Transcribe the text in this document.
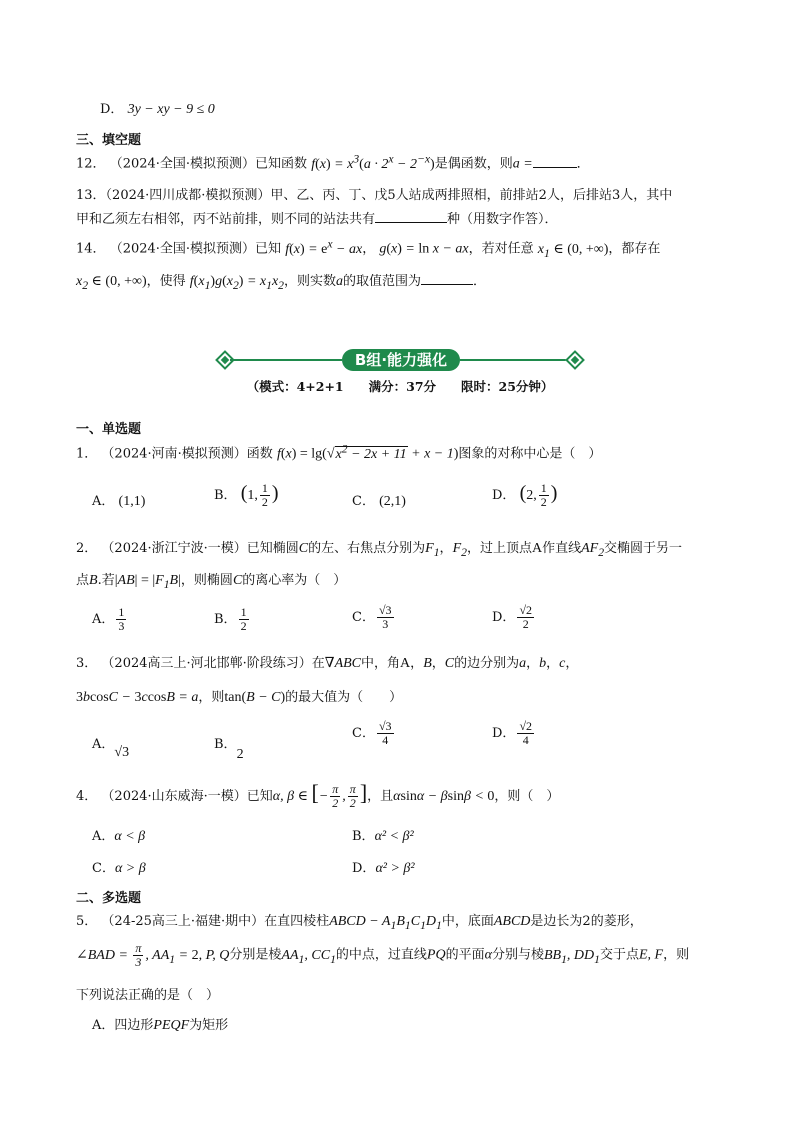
D． 3y − xy − 9 ≤ 0
三、填空题
12． （2024·全国·模拟预测）已知函数 $f(x) = x^3(a \cdot 2^x - 2^{-x})$是偶函数，则a =	．
13．（2024·四川成都·模拟预测）甲、乙、丙、丁、戊5人站成两排照相，前排站2人，后排站3人，其中
甲和乙须左右相邻，丙不站前排，则不同的站法共有	种（用数字作答）．
14． （2024·全国·模拟预测）已知 $f(x) = e^x$ − ax， g(x) = ln x − ax，若对任意 $x_1$ ∈ (0, +∞)，都存在
$x_2$ ∈ (0, +∞)，使得 $f(x_1)g(x_2) = x_1x_2$，则实数a的取值范围为	．
B组·能力强化
（模式：4+2+1　　满分：37分　　限时：25分钟）
一、单选题
1． （2024·河南·模拟预测）函数 $f(x) = \lg(√x^2 - 2x + 11 + x - 1)$图象的对称中心是（　）
A． (1,1)	B． (1, $\frac{1}{2}$ )	C． (2,1)	D． (2, $\frac{1}{2}$ )
2． （2024·浙江宁波·一模）已知椭圆C的左、右焦点分别为$F_1$，$F_2$，过上顶点A作直线$AF_2$交椭圆于另一
点B.若$|AB| = |F_1B|$，则椭圆C的离心率为（　）
A． $\frac{1}{3}$	B． $\frac{1}{2}$	C． $\frac{√3}{3}$	D． $\frac{√2}{2}$
3． （2024高三上·河北邯郸·阶段练习）在∇ABC中，角A，B，C的边分别为a，b，c，
3bcosC − 3ccosB = a，则tan(B − C)的最大值为（　　）
A．√3
B．2
C． $\frac{√3}{4}$	D． $\frac{√2}{4}$
4． （2024·山东威海·一模）已知α, β ∈ [− $\frac{\pi}{2}$ , $\frac{\pi}{2}$ ]，且αsinα − βsinβ < 0，则（　）
A．α < β	B．α² < β²
C．α > β	D．α² > β²
二、多选题
5． （24-25高三上·福建·期中）在直四棱柱ABCD − $A_1B_1C_1D_1$中，底面ABCD是边长为2的菱形，
∠BAD = $\frac{\pi}{3}$ , $AA_1 = 2$, P, Q分别是棱$AA_1$, $CC_1$的中点，过直线PQ的平面α分别与棱$BB_1$, $DD_1$交于点E, F，则
下列说法正确的是（　）
A．四边形PEQF为矩形
